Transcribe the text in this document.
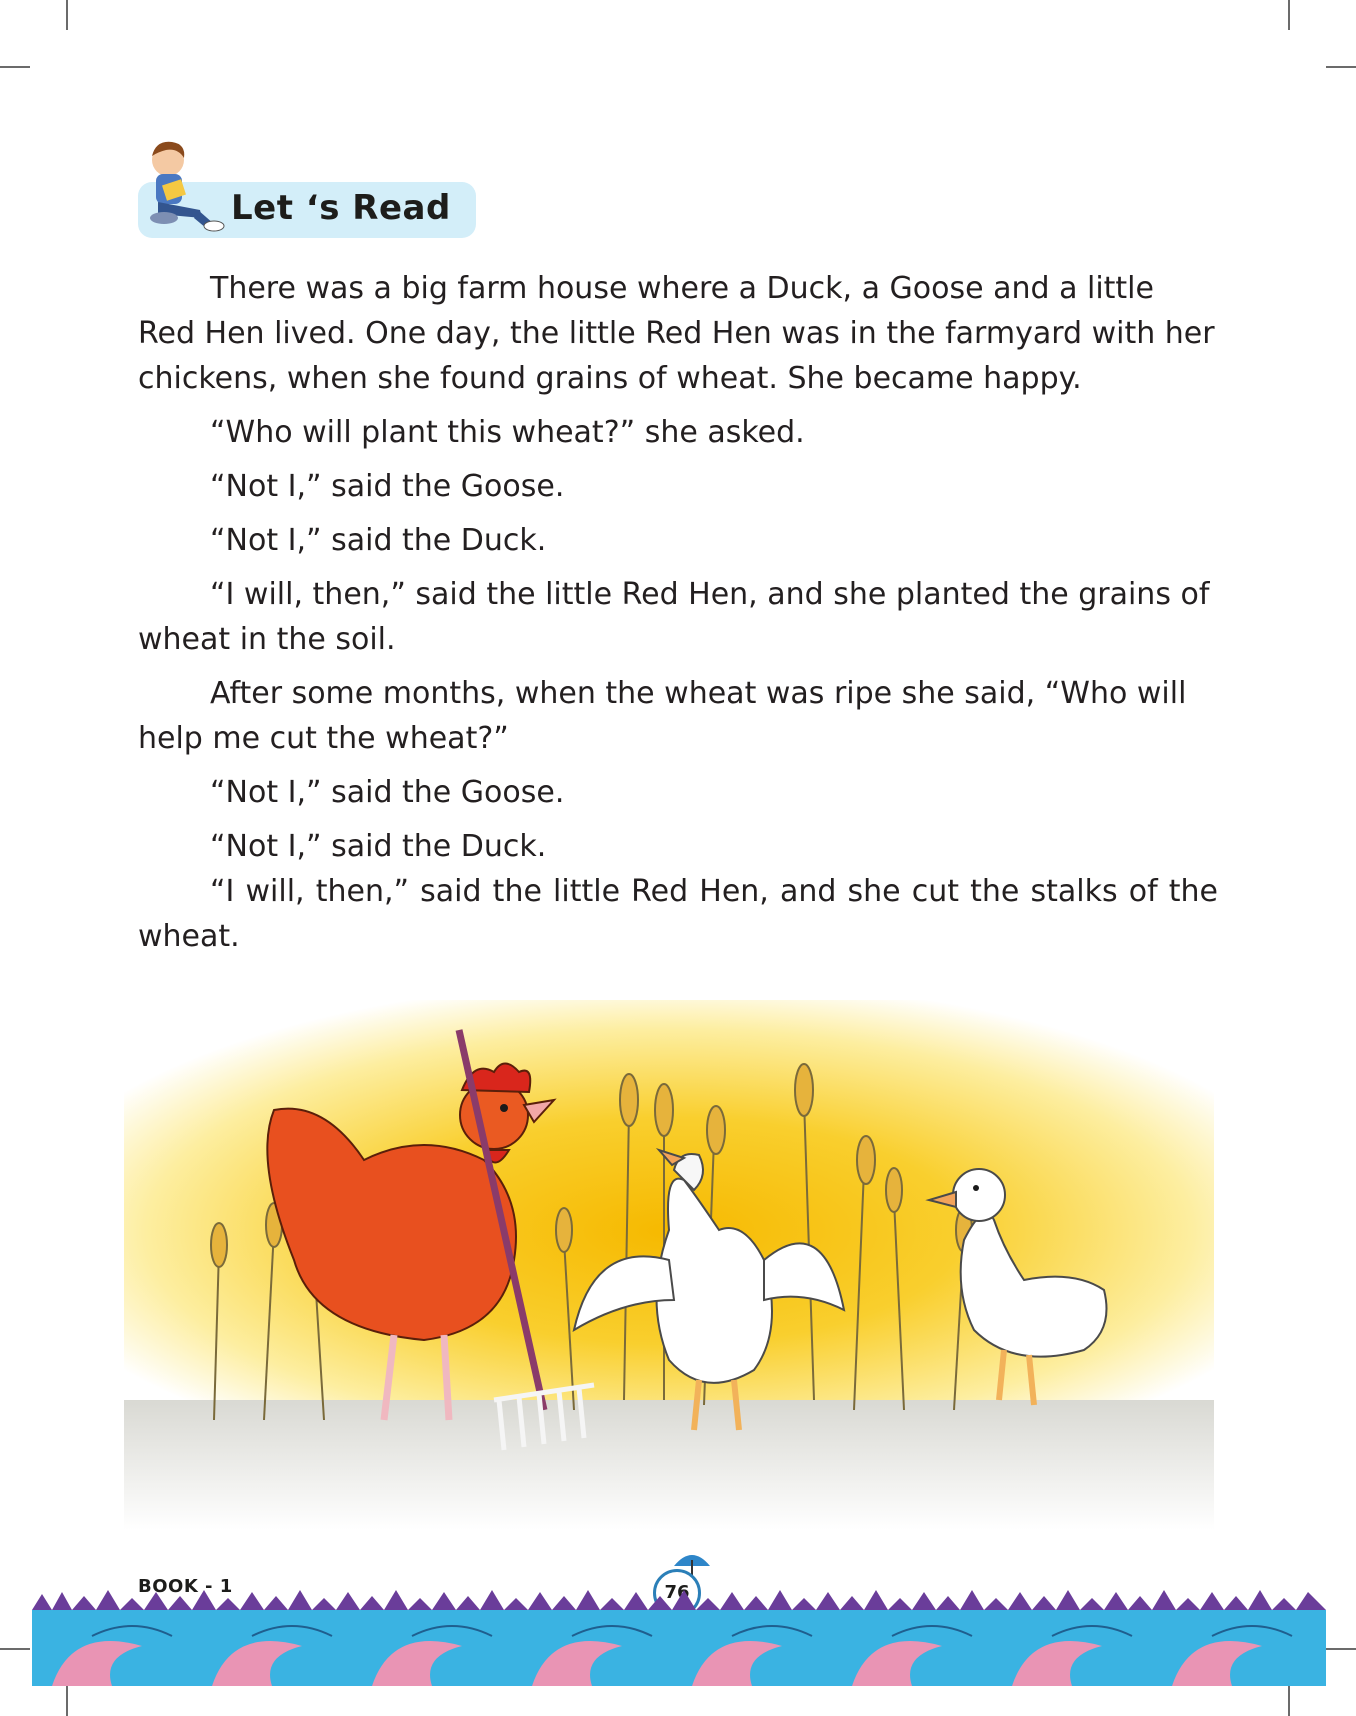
Let ‘s Read

There was a big farm house where a Duck, a Goose and a little Red Hen lived. One day, the little Red Hen was in the farmyard with her chickens, when she found grains of wheat. She became happy.

“Who will plant this wheat?” she asked.

“Not I,” said the Goose.

“Not I,” said the Duck.

“I will, then,” said the little Red Hen, and she planted the grains of wheat in the soil.

After some months, when the wheat was ripe she said, “Who will help me cut the wheat?”

“Not I,” said the Goose.

“Not I,” said the Duck.

“I will, then,” said the little Red Hen, and she cut the stalks of the wheat.

BOOK - 1	76
